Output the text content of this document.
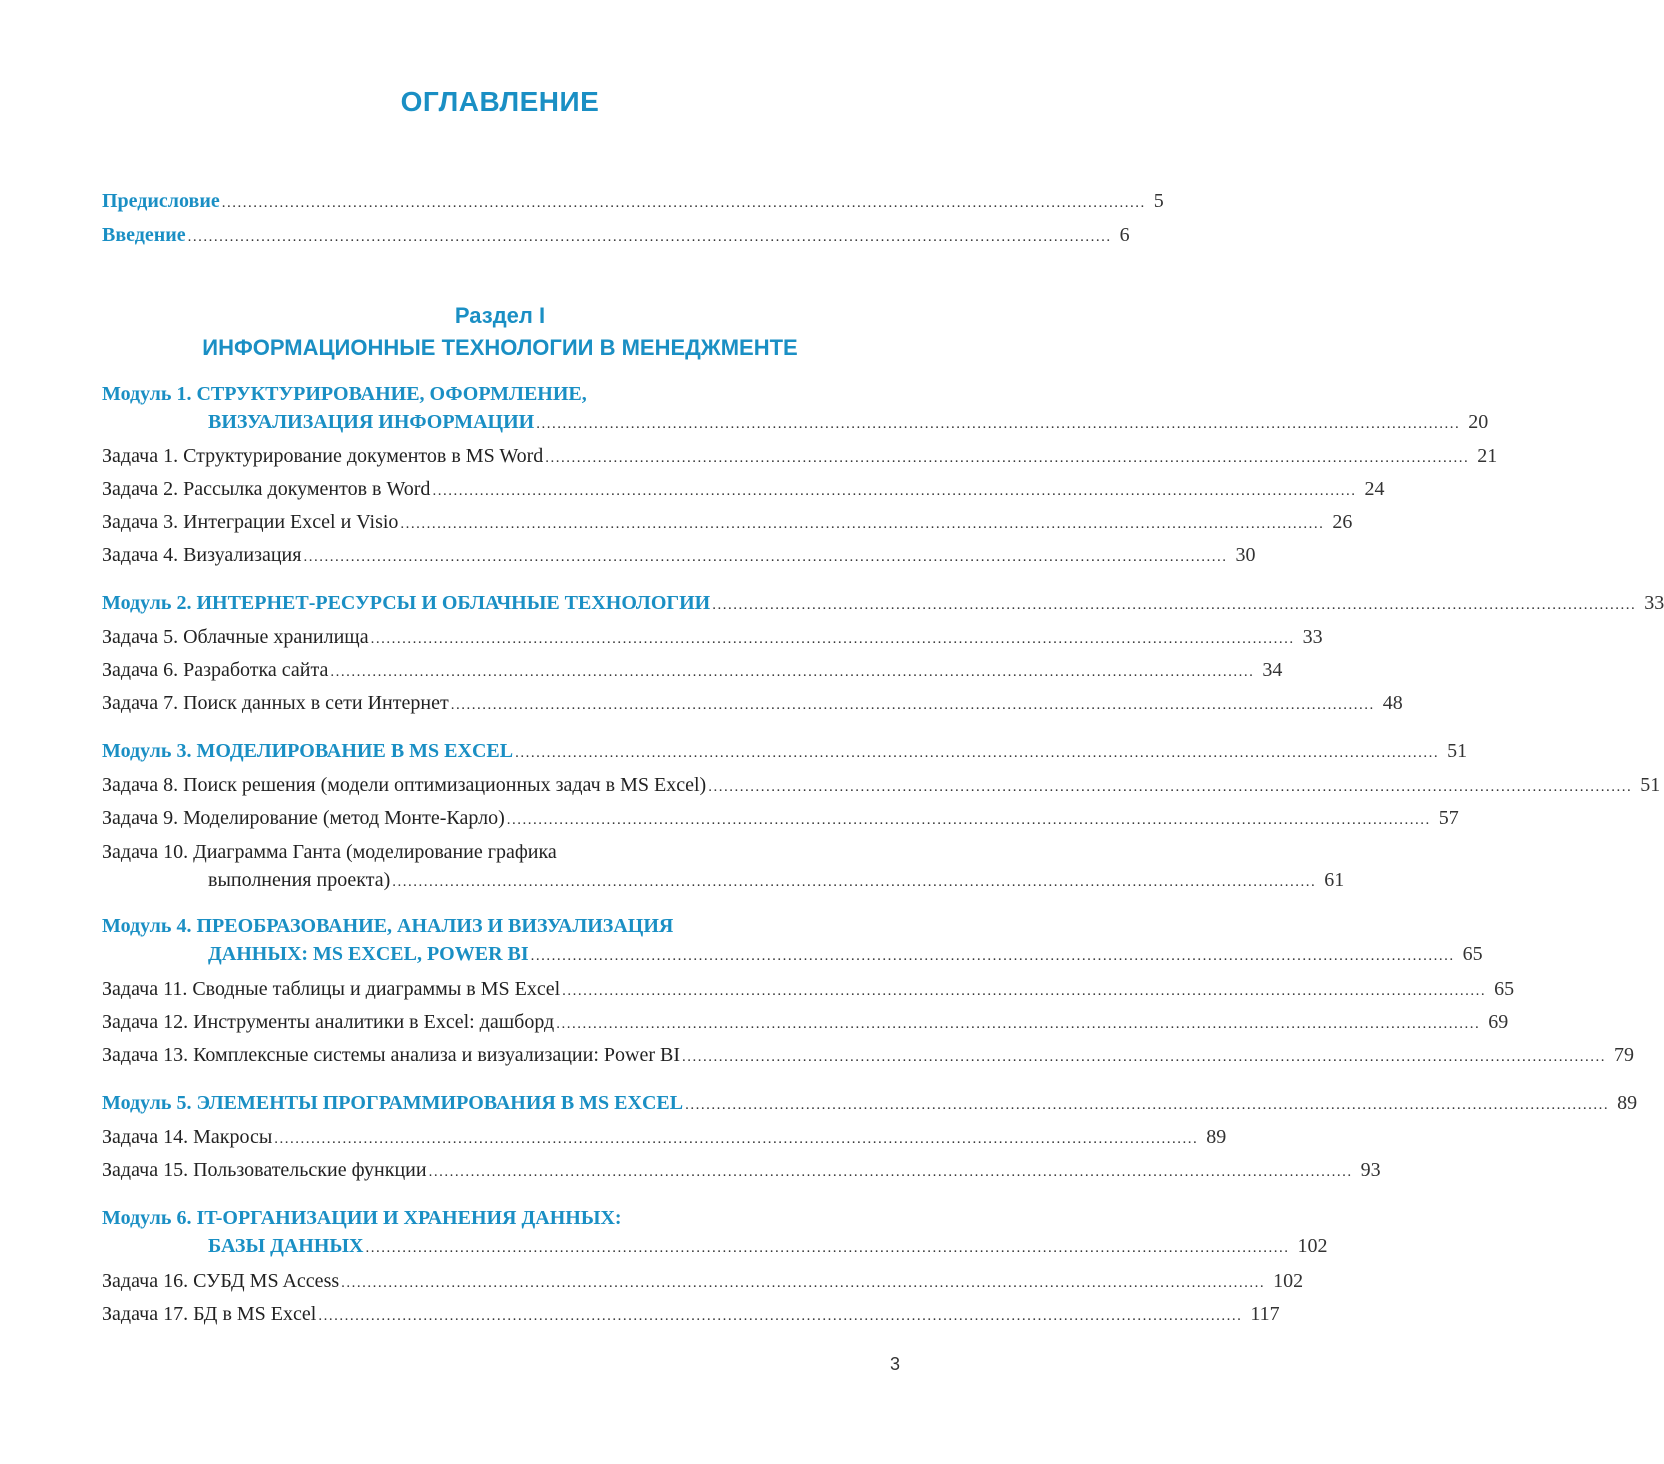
ОГЛАВЛЕНИЕ
Предисловие ................................................................................................................................................................................ 5
Введение ................................................................................................................................................................................ 6
Раздел I
ИНФОРМАЦИОННЫЕ ТЕХНОЛОГИИ В МЕНЕДЖМЕНТЕ
Модуль 1. СТРУКТУРИРОВАНИЕ, ОФОРМЛЕНИЕ,
ВИЗУАЛИЗАЦИЯ ИНФОРМАЦИИ ................................................................................................................................................................................ 20
Задача 1. Структурирование документов в MS Word ................................................................................................................................................................................ 21
Задача 2. Рассылка документов в Word ................................................................................................................................................................................ 24
Задача 3. Интеграции Excel и Visio ................................................................................................................................................................................ 26
Задача 4. Визуализация ................................................................................................................................................................................ 30
Модуль 2. ИНТЕРНЕТ-РЕСУРСЫ И ОБЛАЧНЫЕ ТЕХНОЛОГИИ ................................................................................................................................................................................ 33
Задача 5. Облачные хранилища ................................................................................................................................................................................ 33
Задача 6. Разработка сайта ................................................................................................................................................................................ 34
Задача 7. Поиск данных в сети Интернет ................................................................................................................................................................................ 48
Модуль 3. МОДЕЛИРОВАНИЕ В MS EXCEL ................................................................................................................................................................................ 51
Задача 8. Поиск решения (модели оптимизационных задач в MS Excel) ................................................................................................................................................................................ 51
Задача 9. Моделирование (метод Монте-Карло) ................................................................................................................................................................................ 57
Задача 10. Диаграмма Ганта (моделирование графика
выполнения проекта) ................................................................................................................................................................................ 61
Модуль 4. ПРЕОБРАЗОВАНИЕ, АНАЛИЗ И ВИЗУАЛИЗАЦИЯ
ДАННЫХ: MS EXCEL, POWER BI ................................................................................................................................................................................ 65
Задача 11. Сводные таблицы и диаграммы в MS Excel ................................................................................................................................................................................ 65
Задача 12. Инструменты аналитики в Excel: дашборд ................................................................................................................................................................................ 69
Задача 13. Комплексные системы анализа и визуализации: Power BI ................................................................................................................................................................................ 79
Модуль 5. ЭЛЕМЕНТЫ ПРОГРАММИРОВАНИЯ В MS EXCEL ................................................................................................................................................................................ 89
Задача 14. Макросы ................................................................................................................................................................................ 89
Задача 15. Пользовательские функции ................................................................................................................................................................................ 93
Модуль 6. IT-ОРГАНИЗАЦИИ И ХРАНЕНИЯ ДАННЫХ:
БАЗЫ ДАННЫХ ................................................................................................................................................................................ 102
Задача 16. СУБД MS Access ................................................................................................................................................................................ 102
Задача 17. БД в MS Excel ................................................................................................................................................................................ 117
3
